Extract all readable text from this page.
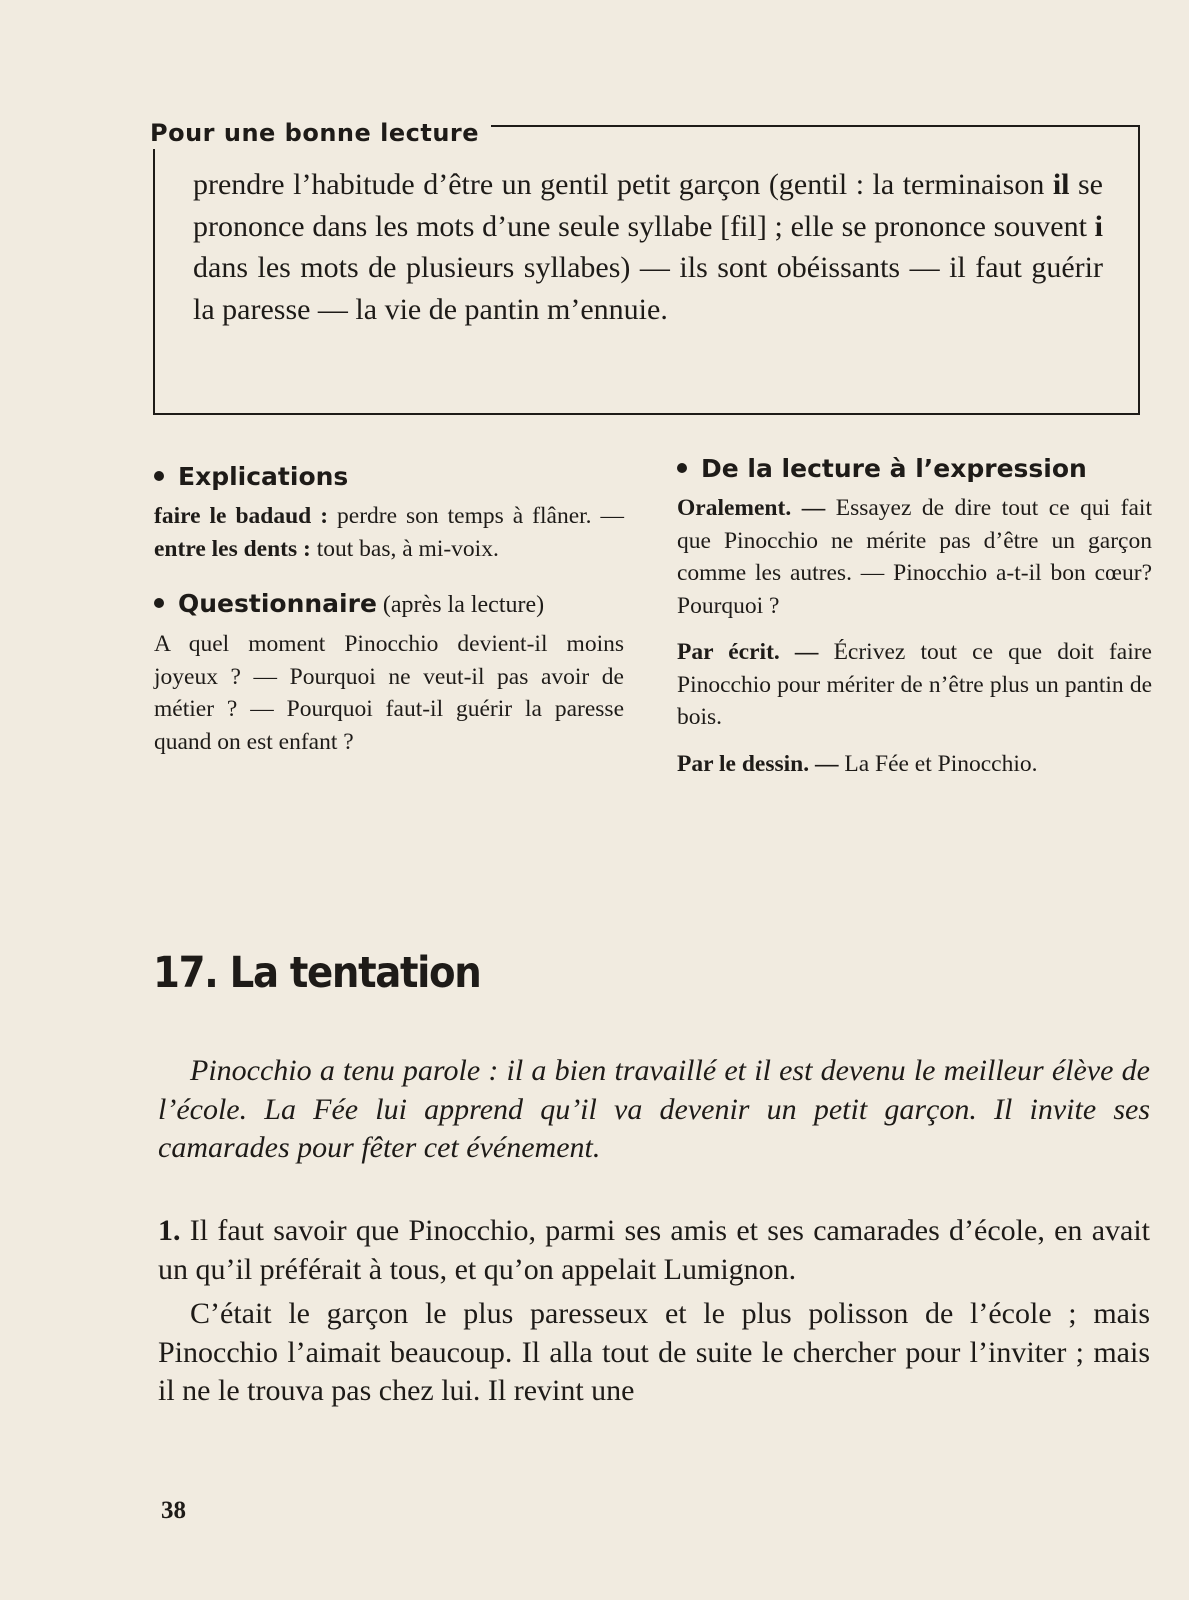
Pour une bonne lecture

prendre l’habitude d’être un gentil petit garçon (gentil : la terminaison il se prononce dans les mots d’une seule syllabe [fil] ; elle se prononce souvent i dans les mots de plusieurs syllabes) — ils sont obéissants — il faut guérir la paresse — la vie de pantin m’ennuie.

Explications

faire le badaud : perdre son temps à flâner. — entre les dents : tout bas, à mi-voix.

Questionnaire (après la lecture)

A quel moment Pinocchio devient-il moins joyeux ? — Pourquoi ne veut-il pas avoir de métier ? — Pourquoi faut-il guérir la paresse quand on est enfant ?

De la lecture à l’expression

Oralement. — Essayez de dire tout ce qui fait que Pinocchio ne mérite pas d’être un garçon comme les autres. — Pinocchio a-t-il bon cœur? Pourquoi ?

Par écrit. — Écrivez tout ce que doit faire Pinocchio pour mériter de n’être plus un pantin de bois.

Par le dessin. — La Fée et Pinocchio.

17. La tentation

Pinocchio a tenu parole : il a bien travaillé et il est devenu le meilleur élève de l’école. La Fée lui apprend qu’il va devenir un petit garçon. Il invite ses camarades pour fêter cet événement.

1. Il faut savoir que Pinocchio, parmi ses amis et ses camarades d’école, en avait un qu’il préférait à tous, et qu’on appelait Lumignon.

C’était le garçon le plus paresseux et le plus polisson de l’école ; mais Pinocchio l’aimait beaucoup. Il alla tout de suite le chercher pour l’inviter ; mais il ne le trouva pas chez lui. Il revint une

38
